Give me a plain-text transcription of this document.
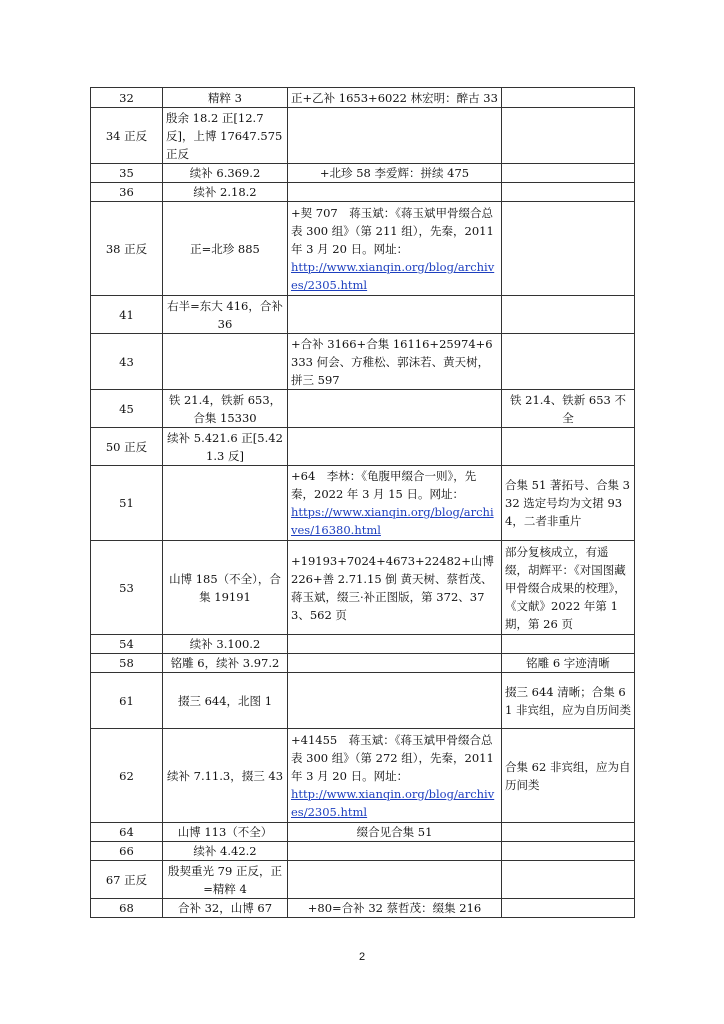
32	精粹 3	正+乙补 1653+6022 林宏明：醉古 33	
34 正反	殷余 18.2 正[12.7 反]，上博 17647.575 正反		
35	续补 6.369.2	+北珍 58 李爱辉：拼续 475	
36	续补 2.18.2		
38 正反	正=北珍 885	+契 707　蒋玉斌：《蒋玉斌甲骨缀合总表 300 组》（第 211 组），先秦，2011 年 3 月 20 日。网址：
http://www.xianqin.org/blog/archives/2305.html	
41	右半=东大 416，合补 36		
43		+合补 3166+合集 16116+25974+6333 何会、方稚松、郭沫若、黄天树，拼三 597	
45	铁 21.4，铁新 653，合集 15330		铁 21.4、铁新 653 不全
50 正反	续补 5.421.6 正[5.421.3 反]		
51		+64　李林：《龟腹甲缀合一则》，先秦，2022 年 3 月 15 日。网址：
https://www.xianqin.org/blog/archives/16380.html	合集 51 著拓号、合集 332 选定号均为文捃 934，二者非重片
53	山博 185（不全），合集 19191	+19193+7024+4673+22482+山博 226+善 2.71.15 倒 黄天树、蔡哲茂、蒋玉斌，缀三·补正图版，第 372、373、562 页	部分复核成立，有遥缀，胡辉平：《对国图藏甲骨缀合成果的校理》，《文献》2022 年第 1 期，第 26 页
54	续补 3.100.2		
58	铭雕 6，续补 3.97.2		铭雕 6 字迹清晰
61	掇三 644，北图 1		掇三 644 清晰；合集 61 非宾组，应为自历间类
62	续补 7.11.3，掇三 43	+41455　蒋玉斌：《蒋玉斌甲骨缀合总表 300 组》（第 272 组），先秦，2011 年 3 月 20 日。网址：
http://www.xianqin.org/blog/archives/2305.html	合集 62 非宾组，应为自历间类
64	山博 113（不全）	缀合见合集 51	
66	续补 4.42.2		
67 正反	殷契重光 79 正反，正=精粹 4		
68	合补 32，山博 67	+80=合补 32 蔡哲茂：缀集 216	
2
